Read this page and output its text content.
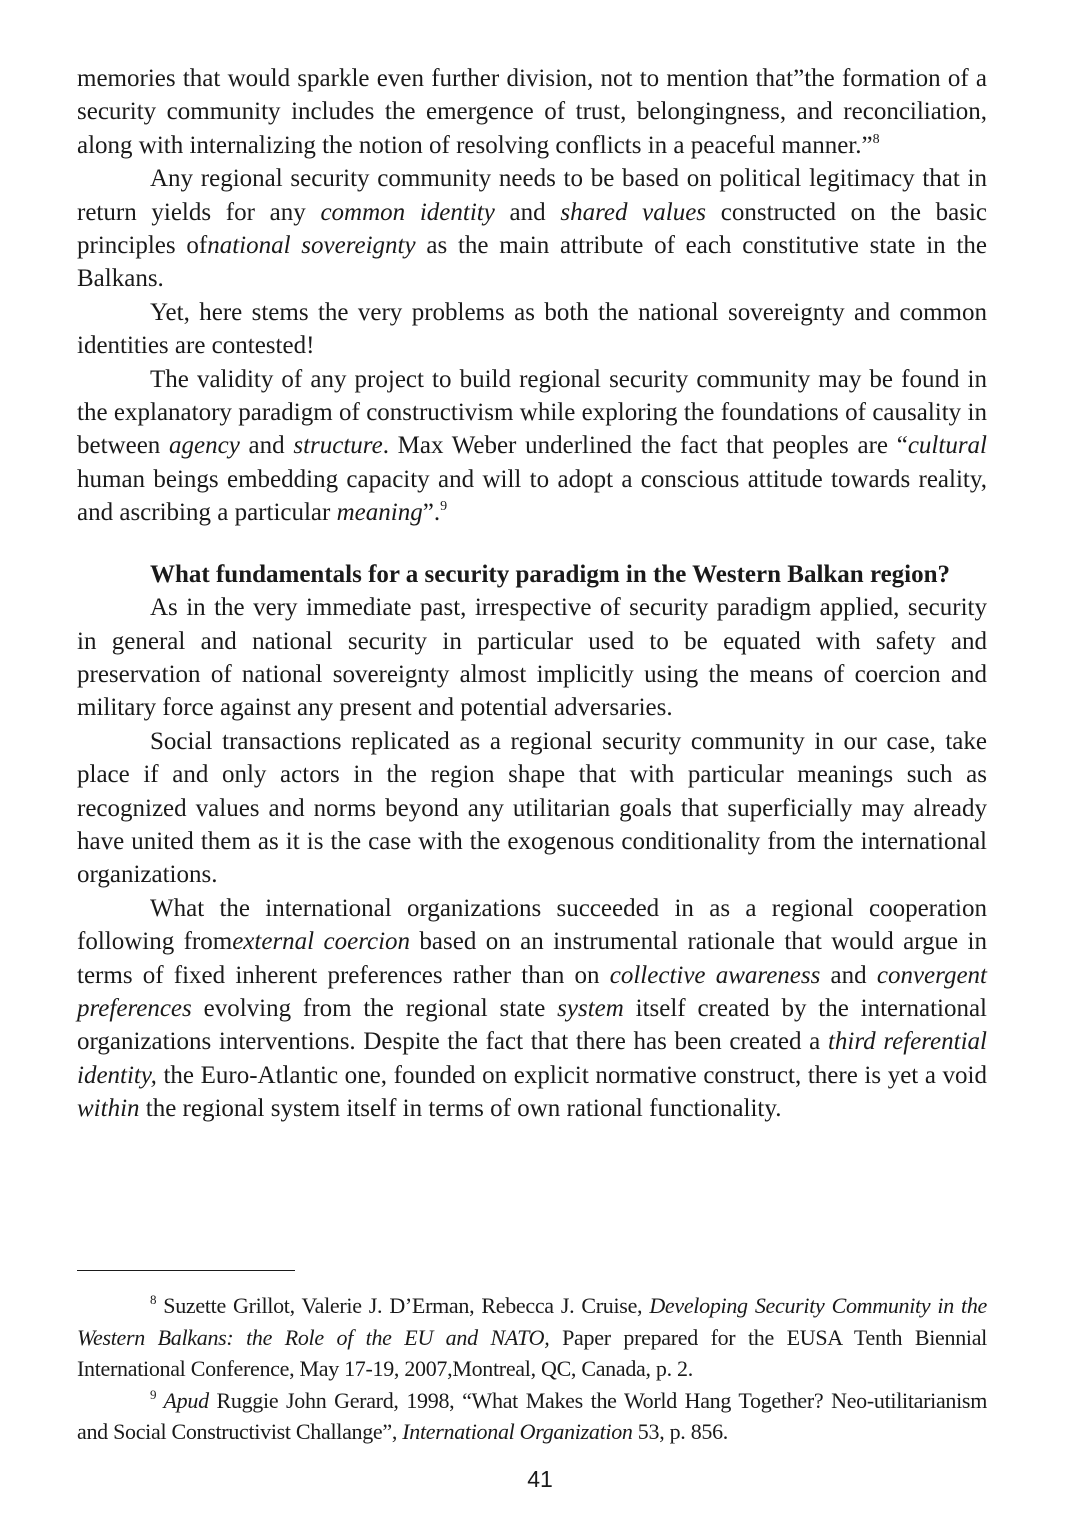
memories that would sparkle even further division, not to mention that”the formation of a security community includes the emergence of trust, belongingness, and reconciliation, along with internalizing the notion of resolving conflicts in a peaceful manner.”$^8$

Any regional security community needs to be based on political legitimacy that in return yields for any common identity and shared values constructed on the basic principles ofnational sovereignty as the main attribute of each constitutive state in the Balkans.

Yet, here stems the very problems as both the national sovereignty and common identities are contested!

The validity of any project to build regional security community may be found in the explanatory paradigm of constructivism while exploring the foundations of causality in between agency and structure. Max Weber underlined the fact that peoples are “cultural human beings embedding capacity and will to adopt a conscious attitude towards reality, and ascribing a particular meaning”.$^9$

What fundamentals for a security paradigm in the Western Balkan region?

As in the very immediate past, irrespective of security paradigm applied, security in general and national security in particular used to be equated with safety and preservation of national sovereignty almost implicitly using the means of coercion and military force against any present and potential adversaries.

Social transactions replicated as a regional security community in our case, take place if and only actors in the region shape that with particular meanings such as recognized values and norms beyond any utilitarian goals that superficially may already have united them as it is the case with the exogenous conditionality from the international organizations.

What the international organizations succeeded in as a regional cooperation following fromexternal coercion based on an instrumental rationale that would argue in terms of fixed inherent preferences rather than on collective awareness and convergent preferences evolving from the regional state system itself created by the international organizations interventions. Despite the fact that there has been created a third referential identity, the Euro-Atlantic one, founded on explicit normative construct, there is yet a void within the regional system itself in terms of own rational functionality.

$^8$ Suzette Grillot, Valerie J. D’Erman, Rebecca J. Cruise, Developing Security Community in the Western Balkans: the Role of the EU and NATO, Paper prepared for the EUSA Tenth Biennial International Conference, May 17-19, 2007,Montreal, QC, Canada, p. 2.

$^9$ Apud Ruggie John Gerard, 1998, “What Makes the World Hang Together? Neo-utilitarianism and Social Constructivist Challange”, International Organization 53, p. 856.

41
